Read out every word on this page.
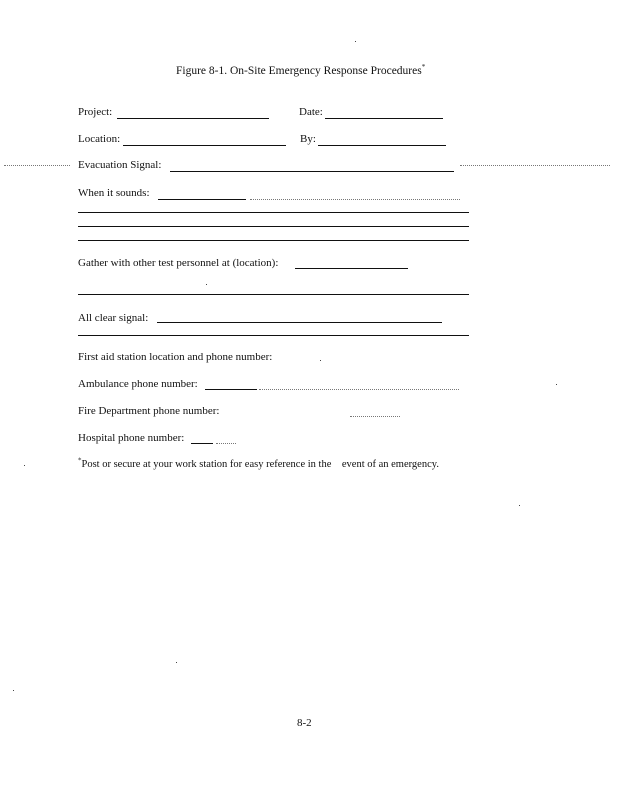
Figure 8-1. On-Site Emergency Response Procedures*
Project:	Date:
Location:	By:
Evacuation Signal:
When it sounds:
Gather with other test personnel at (location):
All clear signal:
First aid station location and phone number:
Ambulance phone number:
Fire Department phone number:
Hospital phone number:
*Post or secure at your work station for easy reference in the    event of an emergency.
8-2
